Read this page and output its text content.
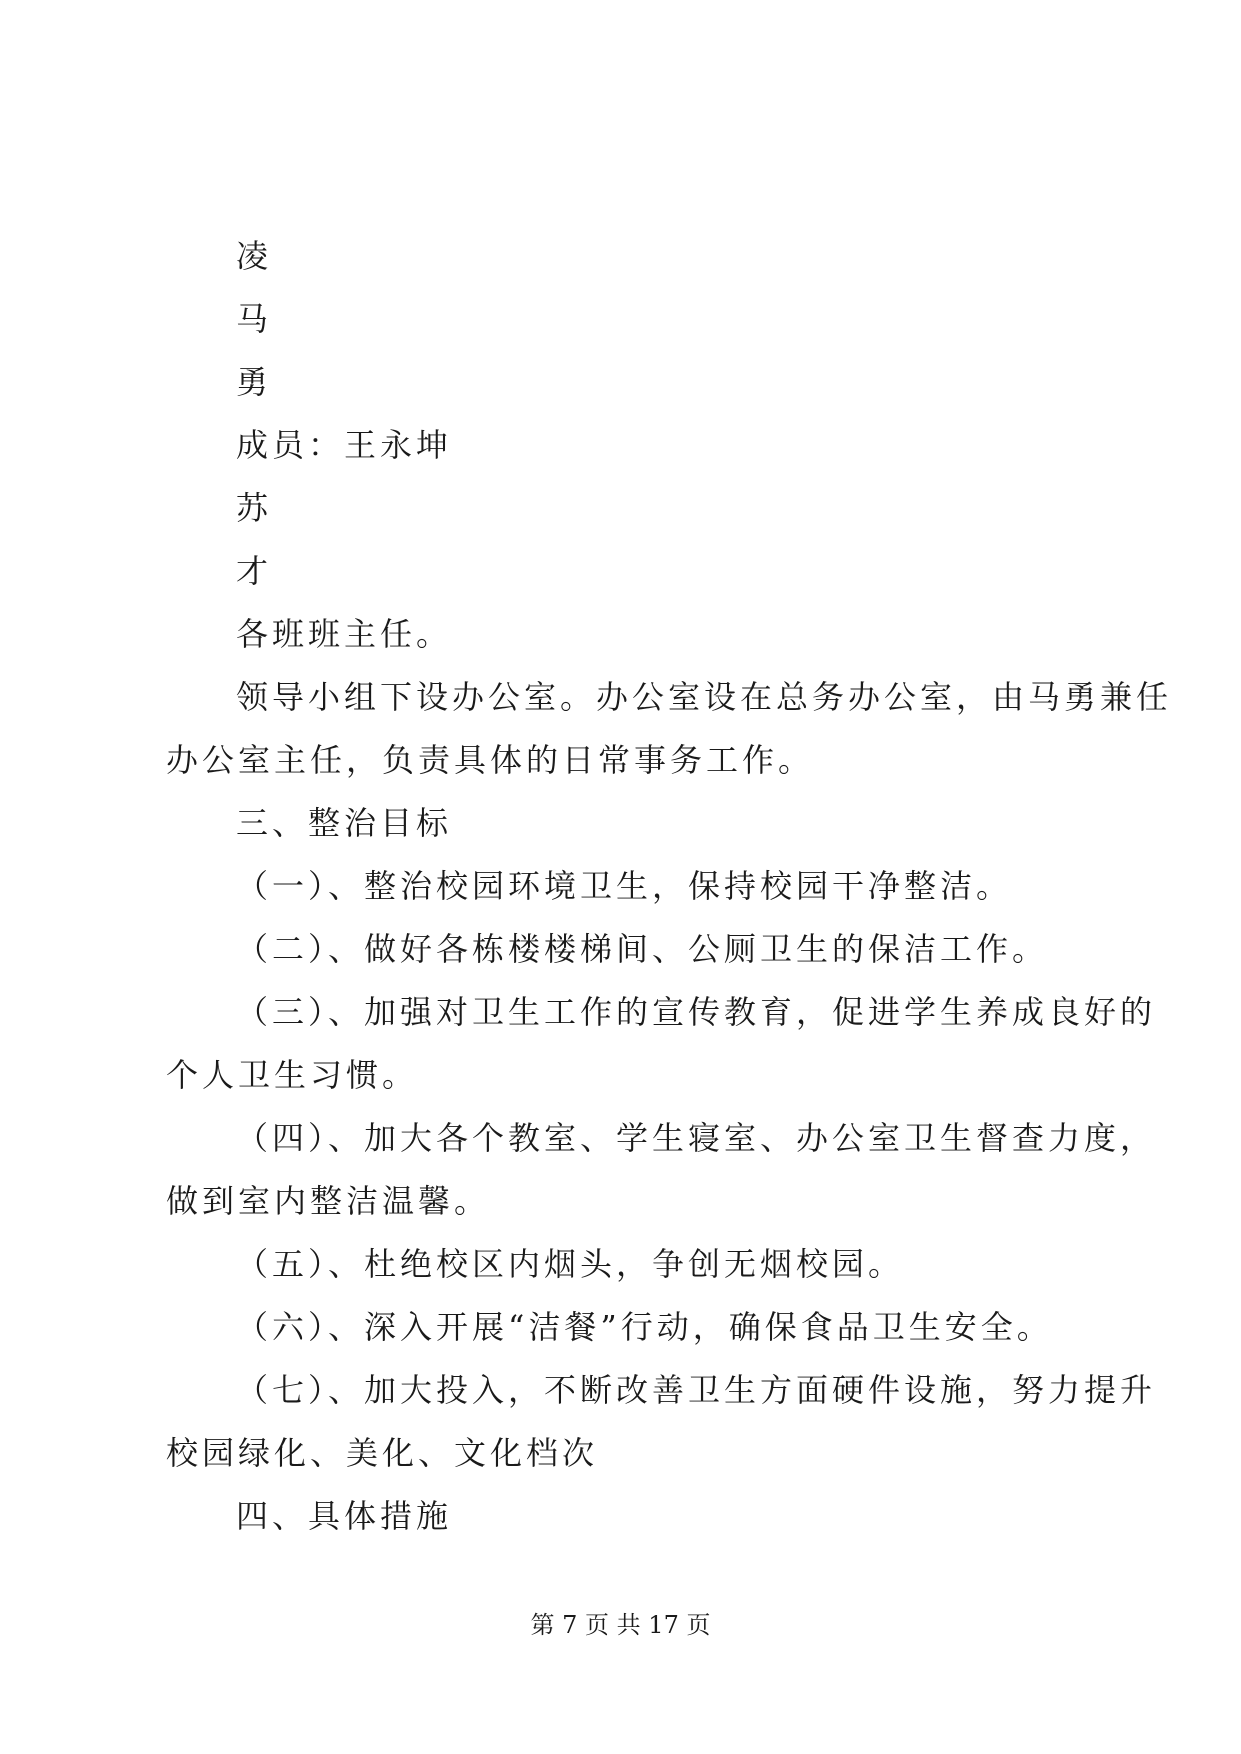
凌
马
勇
成员：王永坤
苏
才
各班班主任。
领导小组下设办公室。办公室设在总务办公室，由马勇兼任
办公室主任，负责具体的日常事务工作。
三、整治目标
（一）、整治校园环境卫生，保持校园干净整洁。
（二）、做好各栋楼楼梯间、公厕卫生的保洁工作。
（三）、加强对卫生工作的宣传教育，促进学生养成良好的
个人卫生习惯。
（四）、加大各个教室、学生寝室、办公室卫生督查力度，
做到室内整洁温馨。
（五）、杜绝校区内烟头，争创无烟校园。
（六）、深入开展“洁餐”行动，确保食品卫生安全。
（七）、加大投入，不断改善卫生方面硬件设施，努力提升
校园绿化、美化、文化档次
四、具体措施
第 7 页 共 17 页
